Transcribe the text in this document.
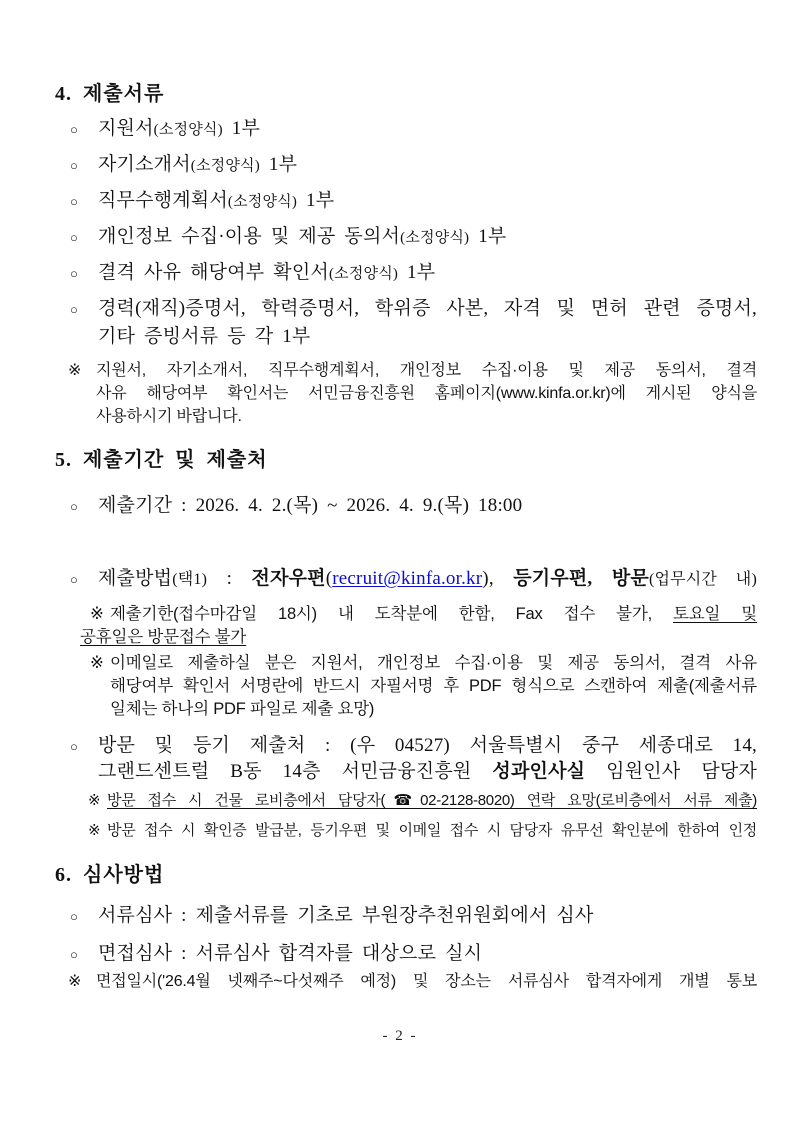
4. 제출서류
○ 지원서(소정양식) 1부
○ 자기소개서(소정양식) 1부
○ 직무수행계획서(소정양식) 1부
○ 개인정보 수집·이용 및 제공 동의서(소정양식) 1부
○ 결격 사유 해당여부 확인서(소정양식) 1부
○ 경력(재직)증명서, 학력증명서, 학위증 사본, 자격 및 면허 관련 증명서,
기타 증빙서류 등 각 1부
※ 지원서, 자기소개서, 직무수행계획서, 개인정보 수집·이용 및 제공 동의서, 결격
사유 해당여부 확인서는 서민금융진흥원 홈페이지(www.kinfa.or.kr)에 게시된 양식을
사용하시기 바랍니다.
5. 제출기간 및 제출처
○ 제출기간 : 2026. 4. 2.(목) ~ 2026. 4. 9.(목) 18:00
○ 제출방법(택1) : 전자우편(recruit@kinfa.or.kr), 등기우편, 방문(업무시간 내)
※ 제출기한(접수마감일 18시) 내 도착분에 한함, Fax 접수 불가, 토요일 및
공휴일은 방문접수 불가
※ 이메일로 제출하실 분은 지원서, 개인정보 수집·이용 및 제공 동의서, 결격 사유
해당여부 확인서 서명란에 반드시 자필서명 후 PDF 형식으로 스캔하여 제출(제출서류
일체는 하나의 PDF 파일로 제출 요망)
○ 방문 및 등기 제출처 : (우 04527) 서울특별시 중구 세종대로 14,
그랜드센트럴 B동 14층 서민금융진흥원 성과인사실 임원인사 담당자
※ 방문 접수 시 건물 로비층에서 담당자(☎02-2128-8020) 연락 요망(로비층에서 서류 제출)
※ 방문 접수 시 확인증 발급분, 등기우편 및 이메일 접수 시 담당자 유무선 확인분에 한하여 인정
6. 심사방법
○ 서류심사 : 제출서류를 기초로 부원장추천위원회에서 심사
○ 면접심사 : 서류심사 합격자를 대상으로 실시
※ 면접일시('26.4월 넷째주~다섯째주 예정) 및 장소는 서류심사 합격자에게 개별 통보
- 2 -
